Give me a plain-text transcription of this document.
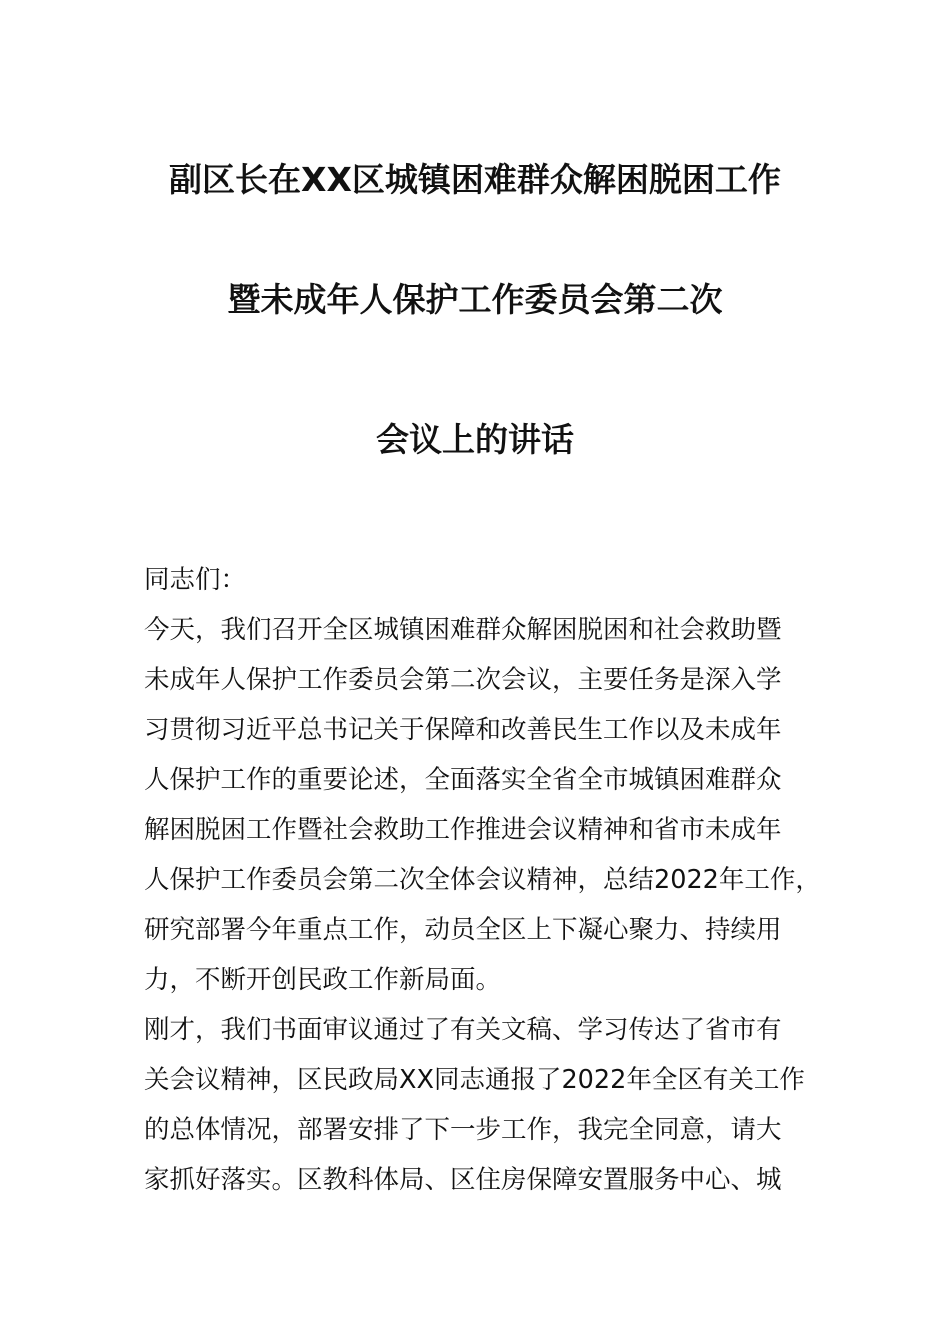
副区长在XX区城镇困难群众解困脱困工作
暨未成年人保护工作委员会第二次
会议上的讲话
同志们：
今天，我们召开全区城镇困难群众解困脱困和社会救助暨
未成年人保护工作委员会第二次会议，主要任务是深入学
习贯彻习近平总书记关于保障和改善民生工作以及未成年
人保护工作的重要论述，全面落实全省全市城镇困难群众
解困脱困工作暨社会救助工作推进会议精神和省市未成年
人保护工作委员会第二次全体会议精神，总结2022年工作，
研究部署今年重点工作，动员全区上下凝心聚力、持续用
力，不断开创民政工作新局面。
刚才，我们书面审议通过了有关文稿、学习传达了省市有
关会议精神，区民政局XX同志通报了2022年全区有关工作
的总体情况，部署安排了下一步工作，我完全同意，请大
家抓好落实。区教科体局、区住房保障安置服务中心、城
